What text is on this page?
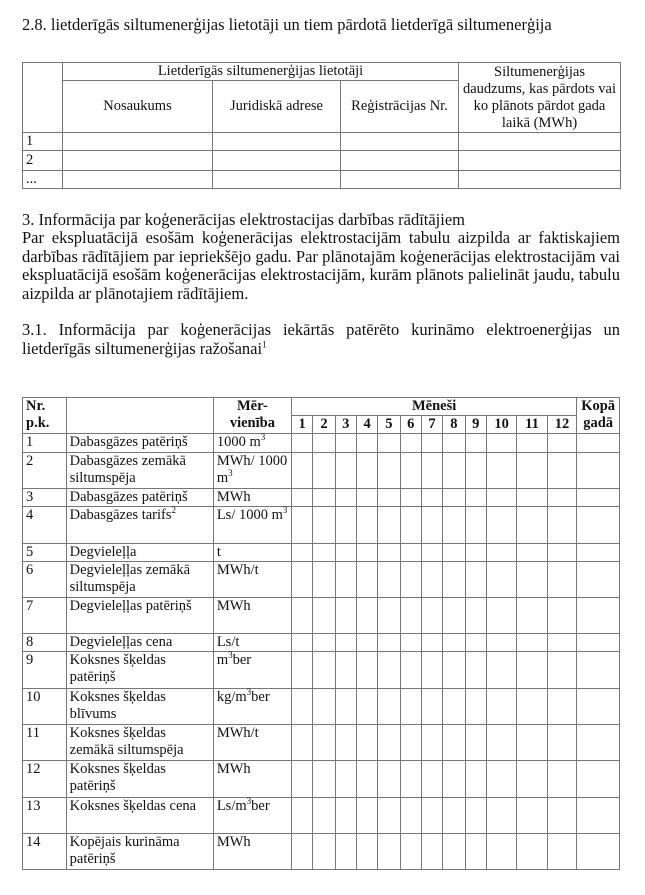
2.8. lietderīgās siltumenerģijas lietotāji un tiem pārdotā lietderīgā siltumenerģija
	Lietderīgās siltumenerģijas lietotāji			Siltumenerģijas daudzums, kas pārdots vai ko plānots pārdot gada laikā (MWh)
	Nosaukums	Juridiskā adrese	Reģistrācijas Nr.	
1				
2				
...				
3. Informācija par koģenerācijas elektrostacijas darbības rādītājiem
Par ekspluatācijā esošām koģenerācijas elektrostacijām tabulu aizpilda ar faktiskajiem darbības rādītājiem par iepriekšējo gadu. Par plānotajām koģenerācijas elektrostacijām vai ekspluatācijā esošām koģenerācijas elektrostacijām, kurām plānots palielināt jaudu, tabulu aizpilda ar plānotajiem rādītājiem.
3.1. Informācija par koģenerācijas iekārtās patērēto kurināmo elektroenerģijas un lietderīgās siltumenerģijas ražošanai$^1$
Nr. p.k.		Mēr-vienība	Mēneši												Kopā gadā
			1	2	3	4	5	6	7	8	9	10	11	12	
1	Dabasgāzes patēriņš	1000 $m^3$													
2	Dabasgāzes zemākā siltumspēja	MWh/ 1000 $m^3$													
3	Dabasgāzes patēriņš	MWh													
4	Dabasgāzes tarifs$^2$	Ls/ 1000 $m^3$													
5	Degvieleļļa	t													
6	Degvieleļļas zemākā siltumspēja	MWh/t													
7	Degvieleļļas patēriņš	MWh													
8	Degvieleļļas cena	Ls/t													
9	Koksnes šķeldas patēriņš	$m^3ber$													
10	Koksnes šķeldas blīvums	$kg/m^3ber$													
11	Koksnes šķeldas zemākā siltumspēja	MWh/t													
12	Koksnes šķeldas patēriņš	MWh													
13	Koksnes šķeldas cena	$Ls/m^3ber$													
14	Kopējais kurināma patēriņš	MWh													
